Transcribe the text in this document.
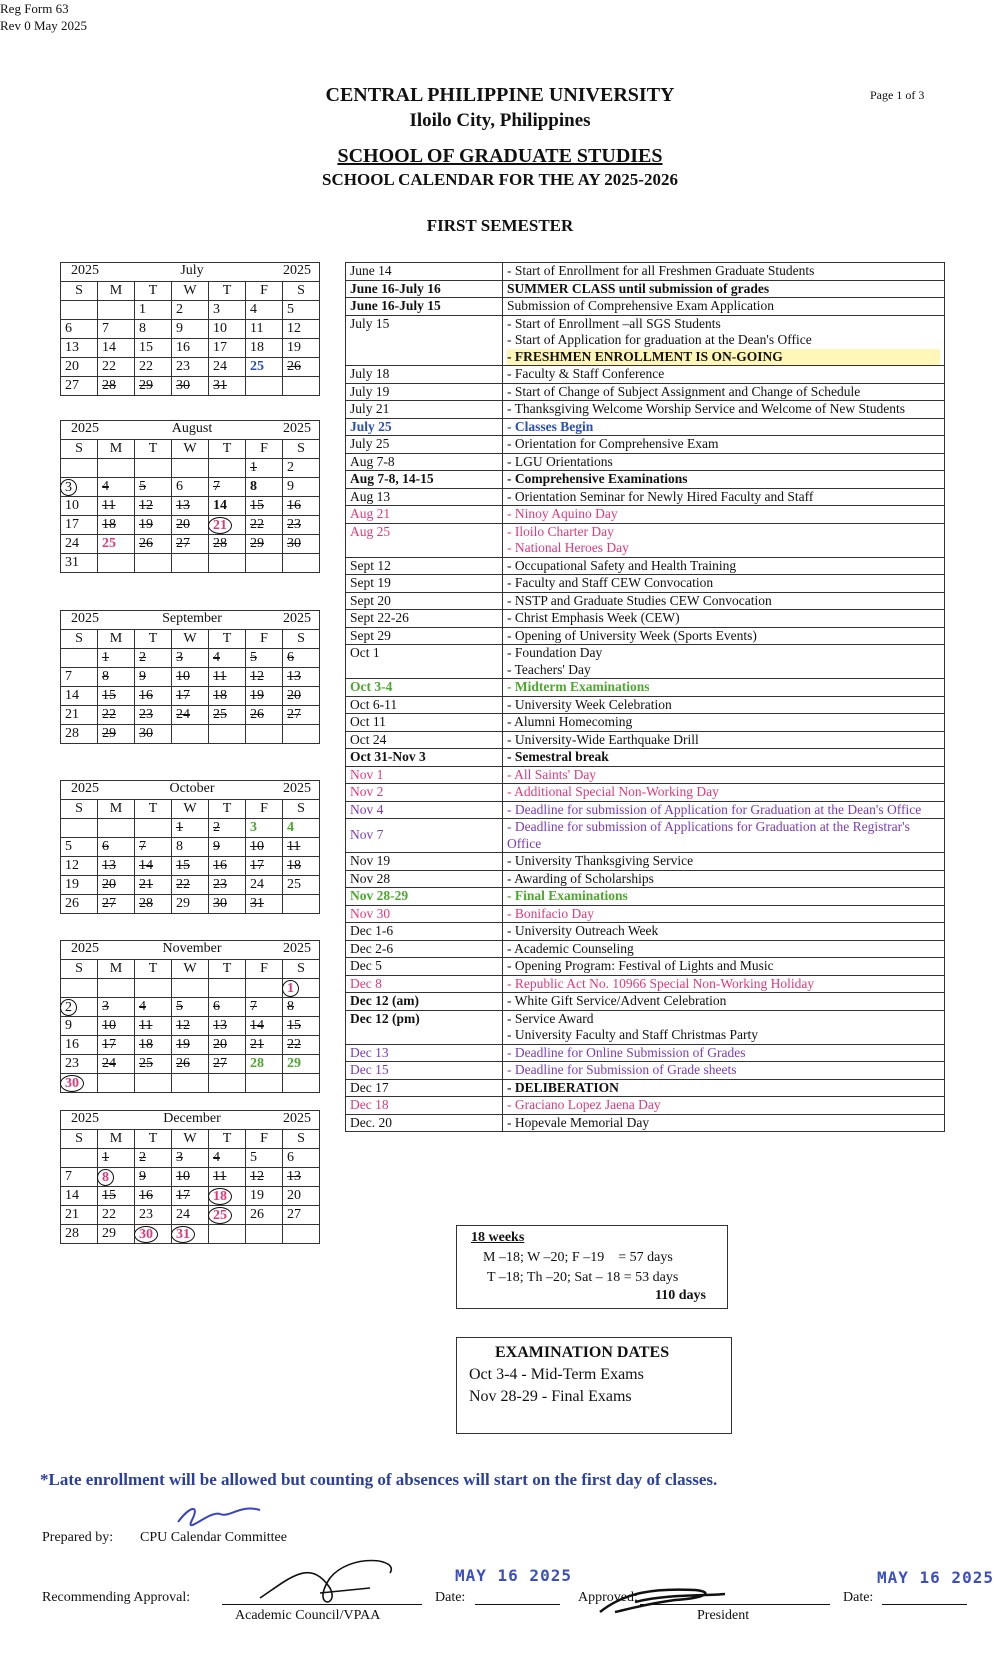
Reg Form 63
Rev 0 May 2025
Page 1 of 3
CENTRAL PHILIPPINE UNIVERSITY
Iloilo City, Philippines
SCHOOL OF GRADUATE STUDIES
SCHOOL CALENDAR FOR THE AY 2025-2026
FIRST SEMESTER
2025 July 2025						

S	M	T	W	T	F	S
		1	2	3	4	5
6	7	8	9	10	11	12
13	14	15	16	17	18	19
20	22	22	23	24	25	26
27	28	29	30	31		
2025 August 2025						

S	M	T	W	T	F	S
					1	2
3	4	5	6	7	8	9
10	11	12	13	14	15	16
17	18	19	20	21	22	23
24	25	26	27	28	29	30
31						
2025 September 2025						

S	M	T	W	T	F	S
	1	2	3	4	5	6
7	8	9	10	11	12	13
14	15	16	17	18	19	20
21	22	23	24	25	26	27
28	29	30				
2025 October 2025						

S	M	T	W	T	F	S
			1	2	3	4
5	6	7	8	9	10	11
12	13	14	15	16	17	18
19	20	21	22	23	24	25
26	27	28	29	30	31	
2025 November 2025						

S	M	T	W	T	F	S
						1
2	3	4	5	6	7	8
9	10	11	12	13	14	15
16	17	18	19	20	21	22
23	24	25	26	27	28	29
30						
2025 December 2025						

S	M	T	W	T	F	S
	1	2	3	4	5	6
7	8	9	10	11	12	13
14	15	16	17	18	19	20
21	22	23	24	25	26	27
28	29	30	31			
June 14	- Start of Enrollment for all Freshmen Graduate Students

June 16-July 16	SUMMER CLASS until submission of grades

June 16-July 15	Submission of Comprehensive Exam Application

July 15	- Start of Enrollment –all SGS Students
- Start of Application for graduation at the Dean's Office
- FRESHMEN ENROLLMENT IS ON-GOING

July 18	- Faculty & Staff Conference

July 19	- Start of Change of Subject Assignment and Change of Schedule

July 21	- Thanksgiving Welcome Worship Service and Welcome of New Students

July 25	- Classes Begin

July 25	- Orientation for Comprehensive Exam

Aug 7-8	- LGU Orientations

Aug 7-8, 14-15	- Comprehensive Examinations

Aug 13	- Orientation Seminar for Newly Hired Faculty and Staff

Aug 21	- Ninoy Aquino Day

Aug 25	- Iloilo Charter Day
- National Heroes Day

Sept 12	- Occupational Safety and Health Training

Sept 19	- Faculty and Staff CEW Convocation

Sept 20	- NSTP and Graduate Studies CEW Convocation

Sept 22-26	- Christ Emphasis Week (CEW)

Sept 29	- Opening of University Week (Sports Events)

Oct 1	- Foundation Day
- Teachers' Day

Oct 3-4	- Midterm Examinations

Oct 6-11	- University Week Celebration

Oct 11	- Alumni Homecoming

Oct 24	- University-Wide Earthquake Drill

Oct 31-Nov 3	- Semestral break

Nov 1	- All Saints' Day

Nov 2	- Additional Special Non-Working Day

Nov 4	- Deadline for submission of Application for Graduation at the Dean's Office

Nov 7	- Deadline for submission of Applications for Graduation at the Registrar's Office

Nov 19	- University Thanksgiving Service

Nov 28	- Awarding of Scholarships

Nov 28-29	- Final Examinations

Nov 30	- Bonifacio Day

Dec 1-6	- University Outreach Week

Dec 2-6	- Academic Counseling

Dec 5	- Opening Program: Festival of Lights and Music

Dec 8	- Republic Act No. 10966 Special Non-Working Holiday

Dec 12 (am)	- White Gift Service/Advent Celebration

Dec 12 (pm)	- Service Award
- University Faculty and Staff Christmas Party

Dec 13	- Deadline for Online Submission of Grades

Dec 15	- Deadline for Submission of Grade sheets

Dec 17	- DELIBERATION

Dec 18	- Graciano Lopez Jaena Day

Dec. 20	- Hopevale Memorial Day
18 weeks
M –18; W –20; F –19    = 57 days
T –18; Th –20; Sat – 18 = 53 days
110 days
EXAMINATION DATES
Oct 3-4 - Mid-Term Exams
Nov 28-29 - Final Exams
*Late enrollment will be allowed but counting of absences will start on the first day of classes.
Prepared by: CPU Calendar Committee
Recommending Approval:
Academic Council/VPAA
MAY 16 2025
Date:	Approved:
President
MAY 16 2025
Date:
